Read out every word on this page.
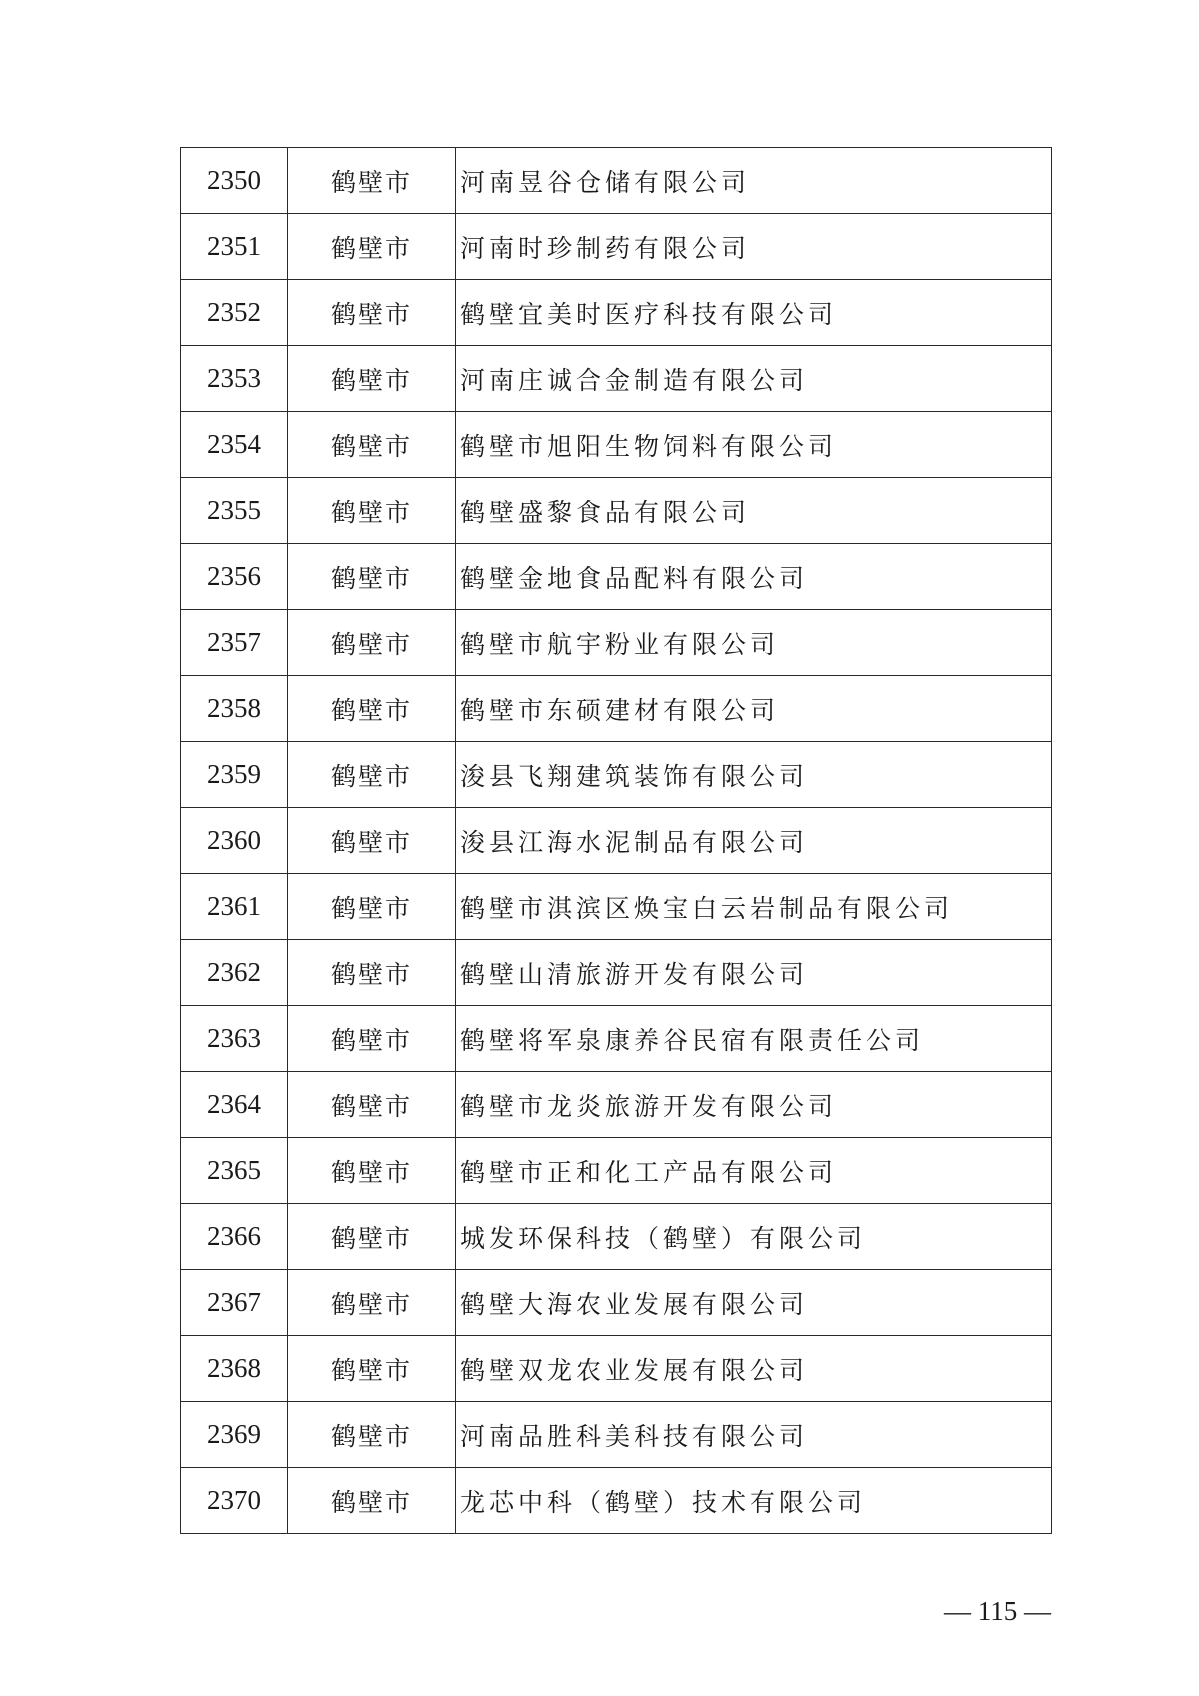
2350	鹤壁市	河南昱谷仓储有限公司
2351	鹤壁市	河南时珍制药有限公司
2352	鹤壁市	鹤壁宜美时医疗科技有限公司
2353	鹤壁市	河南庄诚合金制造有限公司
2354	鹤壁市	鹤壁市旭阳生物饲料有限公司
2355	鹤壁市	鹤壁盛黎食品有限公司
2356	鹤壁市	鹤壁金地食品配料有限公司
2357	鹤壁市	鹤壁市航宇粉业有限公司
2358	鹤壁市	鹤壁市东硕建材有限公司
2359	鹤壁市	浚县飞翔建筑装饰有限公司
2360	鹤壁市	浚县江海水泥制品有限公司
2361	鹤壁市	鹤壁市淇滨区焕宝白云岩制品有限公司
2362	鹤壁市	鹤壁山清旅游开发有限公司
2363	鹤壁市	鹤壁将军泉康养谷民宿有限责任公司
2364	鹤壁市	鹤壁市龙炎旅游开发有限公司
2365	鹤壁市	鹤壁市正和化工产品有限公司
2366	鹤壁市	城发环保科技（鹤壁）有限公司
2367	鹤壁市	鹤壁大海农业发展有限公司
2368	鹤壁市	鹤壁双龙农业发展有限公司
2369	鹤壁市	河南品胜科美科技有限公司
2370	鹤壁市	龙芯中科（鹤壁）技术有限公司
— 115 —
